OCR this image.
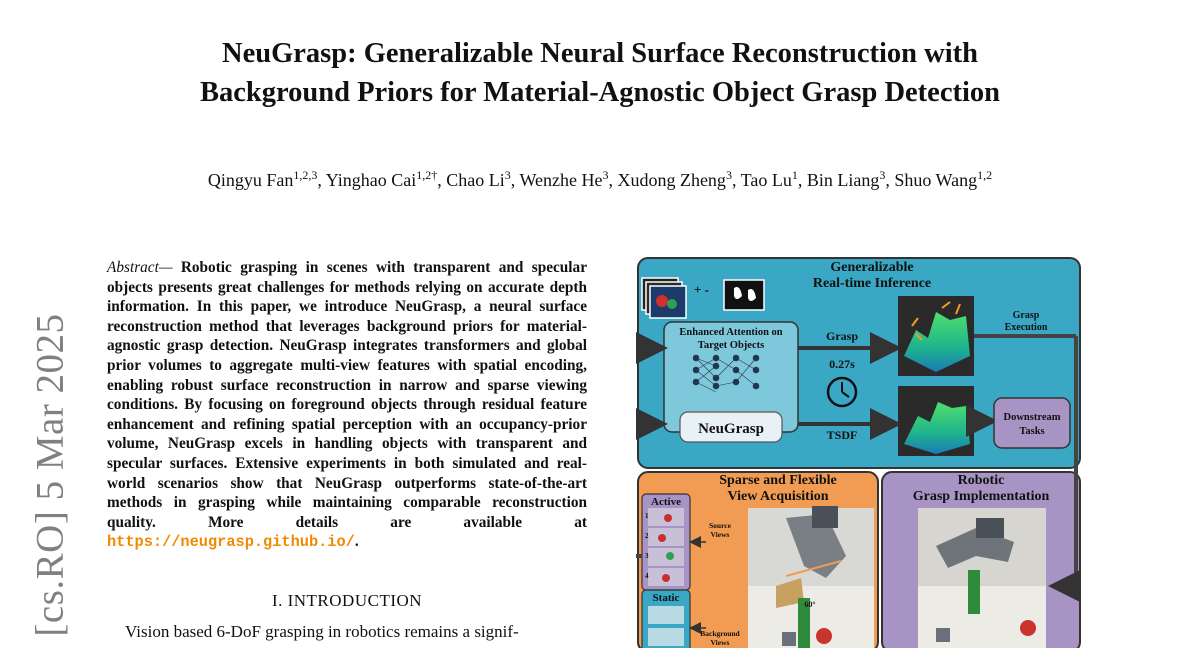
NeuGrasp: Generalizable Neural Surface Reconstruction with
Background Priors for Material-Agnostic Object Grasp Detection
Qingyu Fan$^{1,2,3}$, Yinghao Cai$^{1,2\dagger}$, Chao Li$^3$, Wenzhe He$^3$, Xudong Zheng$^3$, Tao Lu$^1$, Bin Liang$^3$, Shuo Wang$^{1,2}$
[cs.RO] 5 Mar 2025
Abstract— Robotic grasping in scenes with transparent and specular objects presents great challenges for methods relying on accurate depth information. In this paper, we introduce NeuGrasp, a neural surface reconstruction method that leverages background priors for material-agnostic grasp detection. NeuGrasp integrates transformers and global prior volumes to aggregate multi-view features with spatial encoding, enabling robust surface reconstruction in narrow and sparse viewing conditions. By focusing on foreground objects through residual feature enhancement and refining spatial perception with an occupancy-prior volume, NeuGrasp excels in handling objects with transparent and specular surfaces. Extensive experiments in both simulated and real-world scenarios show that NeuGrasp outperforms state-of-the-art methods in grasping while maintaining comparable reconstruction quality. More details are available at https://neugrasp.github.io/.
I. INTRODUCTION
Vision based 6-DoF grasping in robotics remains a signif-
Generalizable
Real-time Inference
+ -
Enhanced Attention on
Target Objects
NeuGrasp
Grasp
0.27s
TSDF
Grasp
Execution
Downstream
Tasks
Sparse and Flexible
View Acquisition
Active
1
2
3
4
Static
Source
Views
Background
Views
60°
Robotic
Grasp Implementation
